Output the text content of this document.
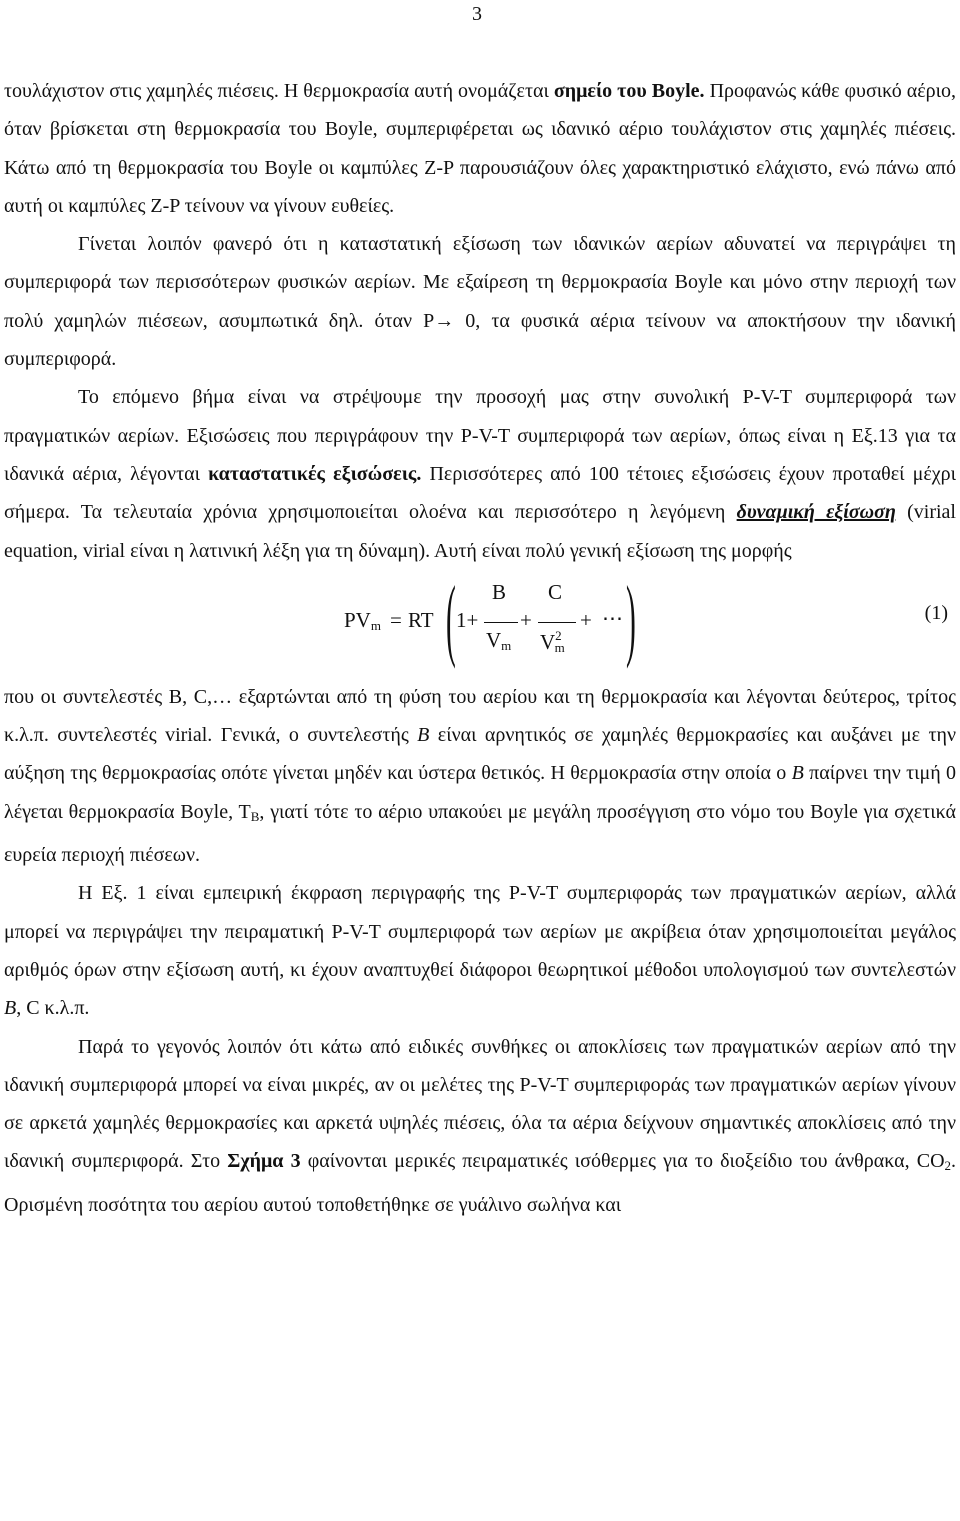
3

τουλάχιστον στις χαμηλές πιέσεις. Η θερμοκρασία αυτή ονομάζεται σημείο του Boyle. Προφανώς κάθε φυσικό αέριο, όταν βρίσκεται στη θερμοκρασία του Boyle, συμπεριφέρεται ως ιδανικό αέριο τουλάχιστον στις χαμηλές πιέσεις. Κάτω από τη θερμοκρασία του Boyle οι καμπύλες Z-P παρουσιάζουν όλες χαρακτηριστικό ελάχιστο, ενώ πάνω από αυτή οι καμπύλες Z-P τείνουν να γίνουν ευθείες.

Γίνεται λοιπόν φανερό ότι η καταστατική εξίσωση των ιδανικών αερίων αδυνατεί να περιγράψει τη συμπεριφορά των περισσότερων φυσικών αερίων. Με εξαίρεση τη θερμοκρασία Boyle και μόνο στην περιοχή των πολύ χαμηλών πιέσεων, ασυμπωτικά δηλ. όταν P→ 0, τα φυσικά αέρια τείνουν να αποκτήσουν την ιδανική συμπεριφορά.

Το επόμενο βήμα είναι να στρέψουμε την προσοχή μας στην συνολική P-V-T συμπεριφορά των πραγματικών αερίων. Εξισώσεις που περιγράφουν την P-V-T συμπεριφορά των αερίων, όπως είναι η Εξ.13 για τα ιδανικά αέρια, λέγονται καταστατικές εξισώσεις. Περισσότερες από 100 τέτοιες εξισώσεις έχουν προταθεί μέχρι σήμερα. Τα τελευταία χρόνια χρησιμοποιείται ολοένα και περισσότερο η λεγόμενη δυναμική εξίσωση (virial equation, virial είναι η λατινική λέξη για τη δύναμη). Αυτή είναι πολύ γενική εξίσωση της μορφής

$PV_m$ = RT ( 1+
B
$V_m$
+
C
$V^2_m$
+ ⋯ )	(1)

που οι συντελεστές B, C,… εξαρτώνται από τη φύση του αερίου και τη θερμοκρασία και λέγονται δεύτερος, τρίτος κ.λ.π. συντελεστές virial. Γενικά, ο συντελεστής B είναι αρνητικός σε χαμηλές θερμοκρασίες και αυξάνει με την αύξηση της θερμοκρασίας οπότε γίνεται μηδέν και ύστερα θετικός. Η θερμοκρασία στην οποία ο B παίρνει την τιμή 0 λέγεται θερμοκρασία Boyle, $T_B$, γιατί τότε το αέριο υπακούει με μεγάλη προσέγγιση στο νόμο του Boyle για σχετικά ευρεία περιοχή πιέσεων.

Η Εξ. 1 είναι εμπειρική έκφραση περιγραφής της P-V-T συμπεριφοράς των πραγματικών αερίων, αλλά μπορεί να περιγράψει την πειραματική P-V-T συμπεριφορά των αερίων με ακρίβεια όταν χρησιμοποιείται μεγάλος αριθμός όρων στην εξίσωση αυτή, κι έχουν αναπτυχθεί διάφοροι θεωρητικοί μέθοδοι υπολογισμού των συντελεστών B, C κ.λ.π.

Παρά το γεγονός λοιπόν ότι κάτω από ειδικές συνθήκες οι αποκλίσεις των πραγματικών αερίων από την ιδανική συμπεριφορά μπορεί να είναι μικρές, αν οι μελέτες της P-V-T συμπεριφοράς των πραγματικών αερίων γίνουν σε αρκετά χαμηλές θερμοκρασίες και αρκετά υψηλές πιέσεις, όλα τα αέρια δείχνουν σημαντικές αποκλίσεις από την ιδανική συμπεριφορά. Στο Σχήμα 3 φαίνονται μερικές πειραματικές ισόθερμες για το διοξείδιο του άνθρακα, $CO_2$. Ορισμένη ποσότητα του αερίου αυτού τοποθετήθηκε σε γυάλινο σωλήνα και
